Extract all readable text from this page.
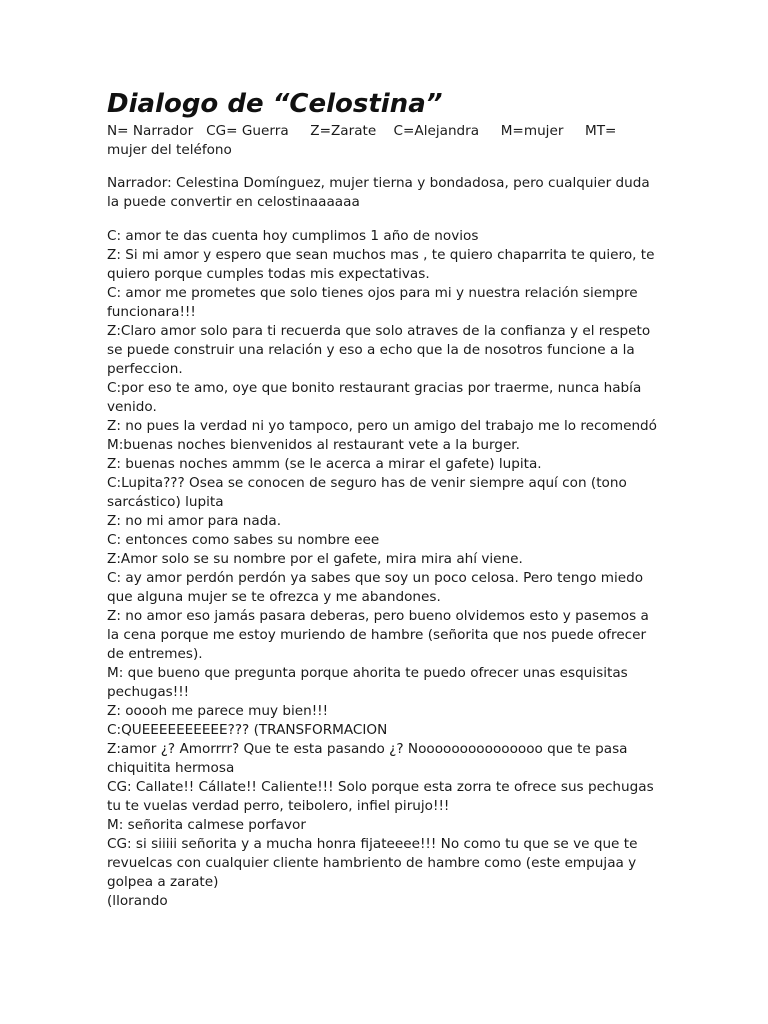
Dialogo de “Celostina”

N= Narrador   CG= Guerra     Z=Zarate    C=Alejandra     M=mujer     MT=
mujer del teléfono

Narrador: Celestina Domínguez, mujer tierna y bondadosa, pero cualquier duda la puede convertir en celostinaaaaaa

C: amor te das cuenta hoy cumplimos 1 año de novios

Z: Si mi amor y espero que sean muchos mas , te quiero chaparrita te quiero, te quiero porque cumples todas mis expectativas.

C: amor me prometes que solo tienes ojos para mi y nuestra relación siempre funcionara!!!

Z:Claro amor solo para ti recuerda que solo atraves de la confianza y el respeto se puede construir una relación y eso a echo que la de nosotros funcione a la perfeccion.

C:por eso te amo, oye que bonito restaurant gracias por traerme, nunca había venido.

Z: no pues la verdad ni yo tampoco, pero un amigo del trabajo me lo recomendó

M:buenas noches bienvenidos al restaurant vete a la burger.

Z: buenas noches ammm (se le acerca a mirar el gafete) lupita.

C:Lupita??? Osea se conocen de seguro has de venir siempre aquí con (tono sarcástico) lupita

Z: no mi amor para nada.

C: entonces como sabes su nombre eee

Z:Amor solo se su nombre por el gafete, mira mira ahí viene.

C: ay amor perdón perdón ya sabes que soy un poco celosa. Pero tengo miedo que alguna mujer se te ofrezca y me abandones.

Z: no amor eso jamás pasara deberas, pero bueno olvidemos esto y pasemos a la cena porque me estoy muriendo de hambre (señorita que nos puede ofrecer de entremes).

M: que bueno que pregunta porque ahorita te puedo ofrecer unas esquisitas pechugas!!!

Z: ooooh me parece muy bien!!!

C:QUEEEEEEEEEE??? (TRANSFORMACION

Z:amor ¿? Amorrrr? Que te esta pasando ¿? Nooooooooooooooo que te pasa chiquitita hermosa

CG: Callate!! Cállate!! Caliente!!! Solo porque esta zorra te ofrece sus pechugas tu te vuelas verdad perro, teibolero, infiel pirujo!!!

M: señorita calmese porfavor

CG: si siiiii señorita y a mucha honra fijateeee!!! No como tu que se ve que te revuelcas con cualquier cliente hambriento de hambre como (este empujaa y golpea a zarate)

(llorando
